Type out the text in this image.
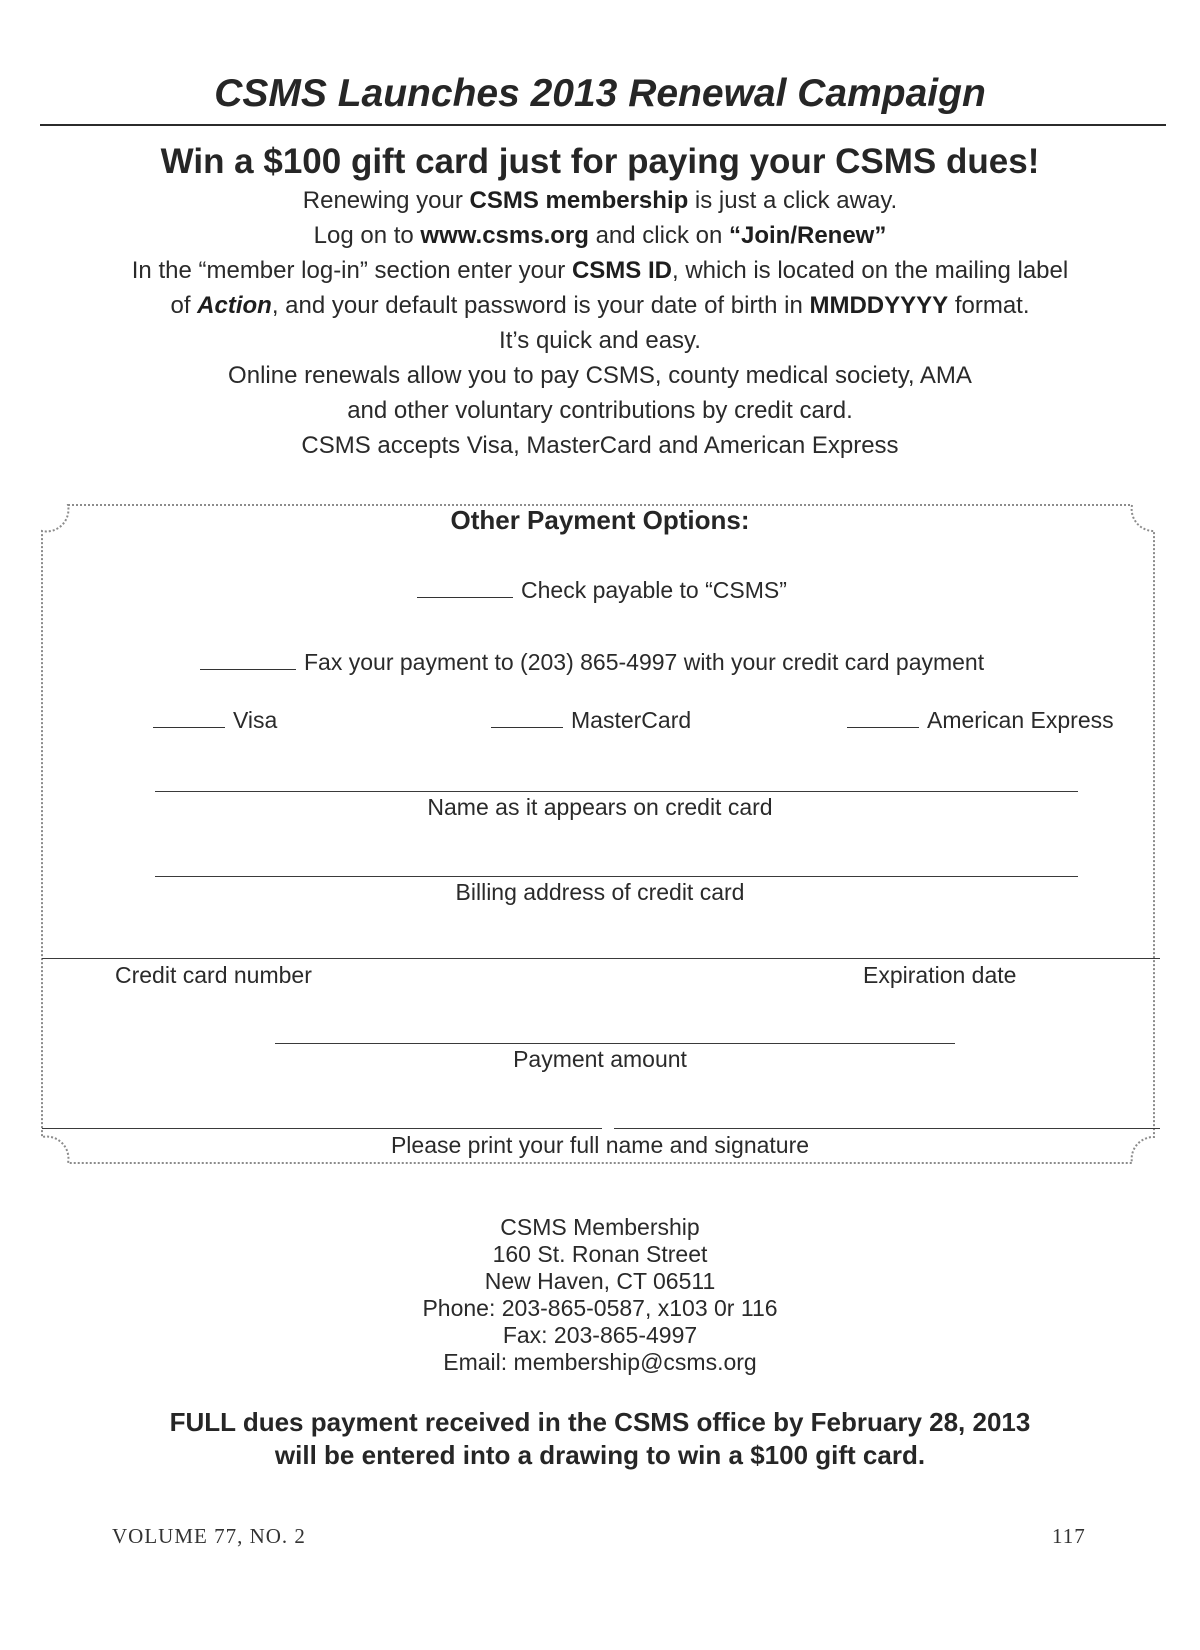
CSMS Launches 2013 Renewal Campaign
Win a $100 gift card just for paying your CSMS dues!
Renewing your CSMS membership is just a click away.
Log on to www.csms.org and click on “Join/Renew”
In the “member log-in” section enter your CSMS ID, which is located on the mailing label
of Action, and your default password is your date of birth in MMDDYYYY format.
It’s quick and easy.
Online renewals allow you to pay CSMS, county medical society, AMA
and other voluntary contributions by credit card.
CSMS accepts Visa, MasterCard and American Express
Other Payment Options:
Check payable to “CSMS”
Fax your payment to (203) 865-4997 with your credit card payment
Visa	MasterCard	American Express
Name as it appears on credit card
Billing address of credit card
Credit card number	Expiration date
Payment amount
Please print your full name and signature
CSMS Membership
160 St. Ronan Street
New Haven, CT 06511
Phone: 203-865-0587, x103 0r 116
Fax: 203-865-4997
Email: membership@csms.org
FULL dues payment received in the CSMS office by February 28, 2013
will be entered into a drawing to win a $100 gift card.
VOLUME 77, NO. 2	117
